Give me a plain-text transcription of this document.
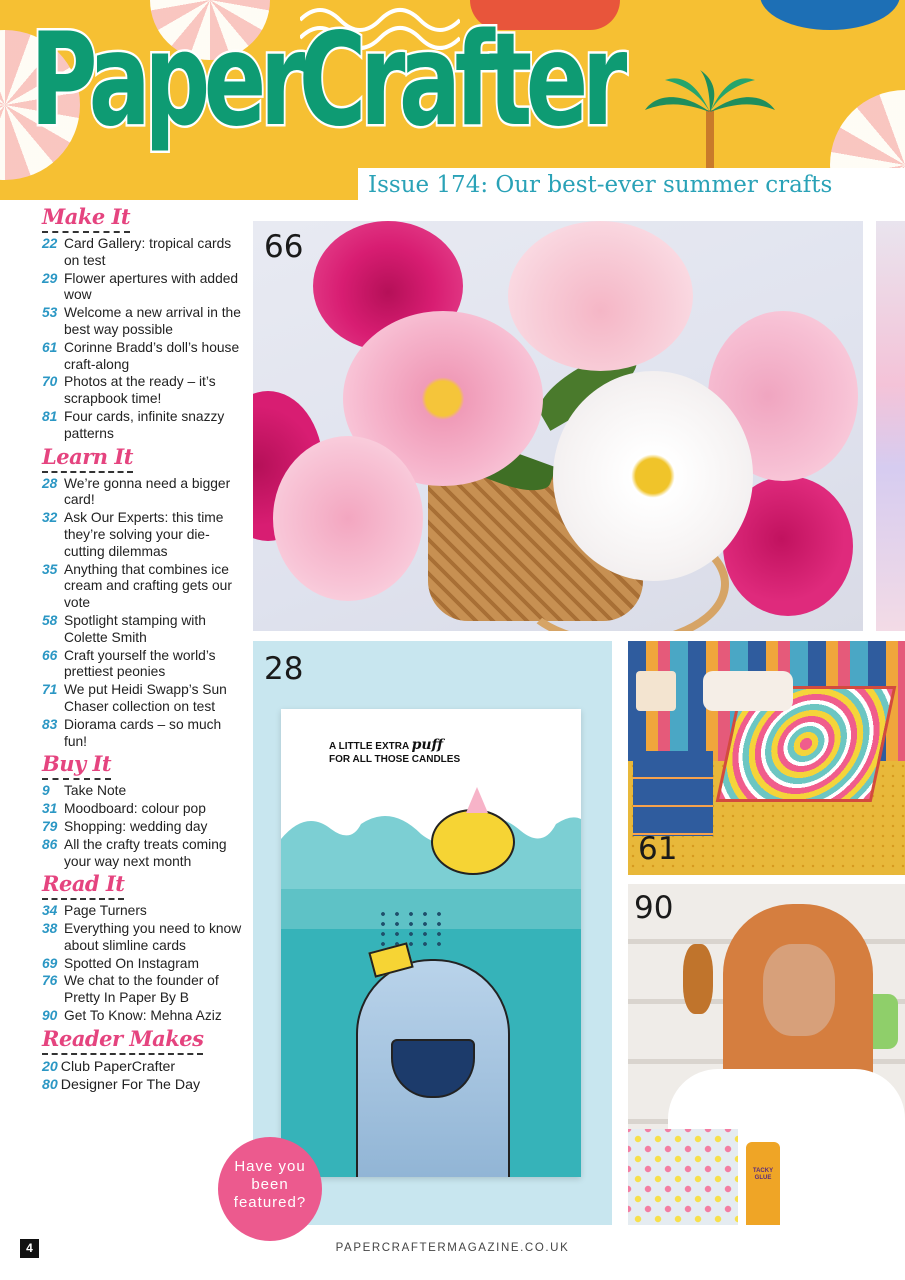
PaperCrafter
Issue 174: Our best-ever summer crafts
Make It
22 Card Gallery: tropical cards on test
29 Flower apertures with added wow
53 Welcome a new arrival in the best way possible
61 Corinne Bradd’s doll’s house craft-along
70 Photos at the ready – it’s scrapbook time!
81 Four cards, infinite snazzy patterns
Learn It
28 We’re gonna need a bigger card!
32 Ask Our Experts: this time they’re solving your die-cutting dilemmas
35 Anything that combines ice cream and crafting gets our vote
58 Spotlight stamping with Colette Smith
66 Craft yourself the world’s prettiest peonies
71 We put Heidi Swapp’s Sun Chaser collection on test
83 Diorama cards – so much fun!
Buy It
9	Take Note
31 Moodboard: colour pop
79 Shopping: wedding day
86 All the crafty treats coming your way next month
Read It
34 Page Turners
38 Everything you need to know about slimline cards
69 Spotted On Instagram
76 We chat to the founder of Pretty In Paper By B
90 Get To Know: Mehna Aziz
Reader Makes
20 Club PaperCrafter
80 Designer For The Day
66
A LITTLE EXTRA puff
FOR ALL THOSE CANDLES
28
61
TACKY GLUE
90
Have you been featured?
4	PAPERCRAFTERMAGAZINE.CO.UK
